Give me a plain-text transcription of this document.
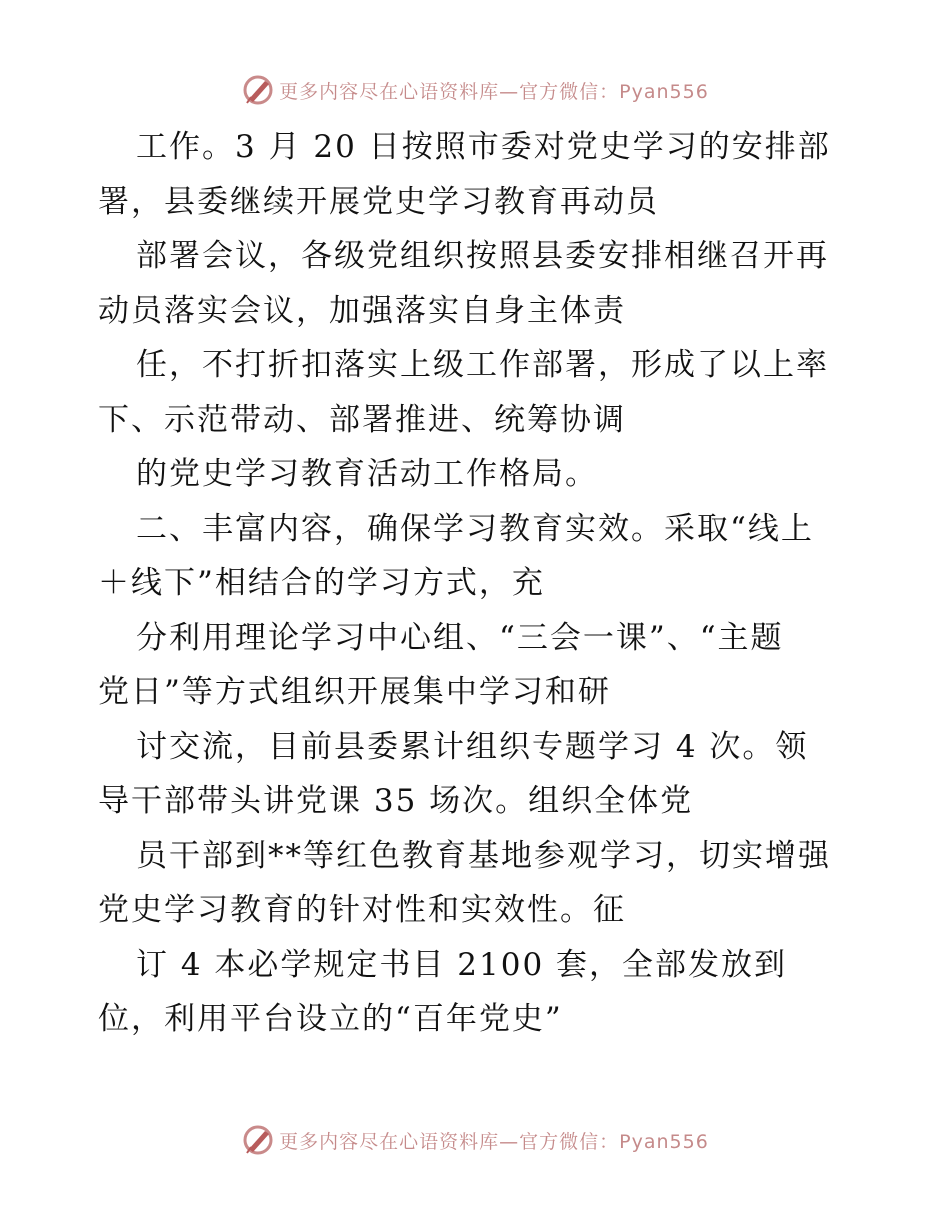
更多内容尽在心语资料库—官方微信：Pyan556
工作。3 月 20 日按照市委对党史学习的安排部
署，县委继续开展党史学习教育再动员
部署会议，各级党组织按照县委安排相继召开再
动员落实会议，加强落实自身主体责
任，不打折扣落实上级工作部署，形成了以上率
下、示范带动、部署推进、统筹协调
的党史学习教育活动工作格局。
二、丰富内容，确保学习教育实效。采取“线上
＋线下”相结合的学习方式，充
分利用理论学习中心组、“三会一课”、“主题
党日”等方式组织开展集中学习和研
讨交流，目前县委累计组织专题学习 4 次。领
导干部带头讲党课 35 场次。组织全体党
员干部到**等红色教育基地参观学习，切实增强
党史学习教育的针对性和实效性。征
订 4 本必学规定书目 2100 套，全部发放到
位，利用平台设立的“百年党史”
更多内容尽在心语资料库—官方微信：Pyan556
